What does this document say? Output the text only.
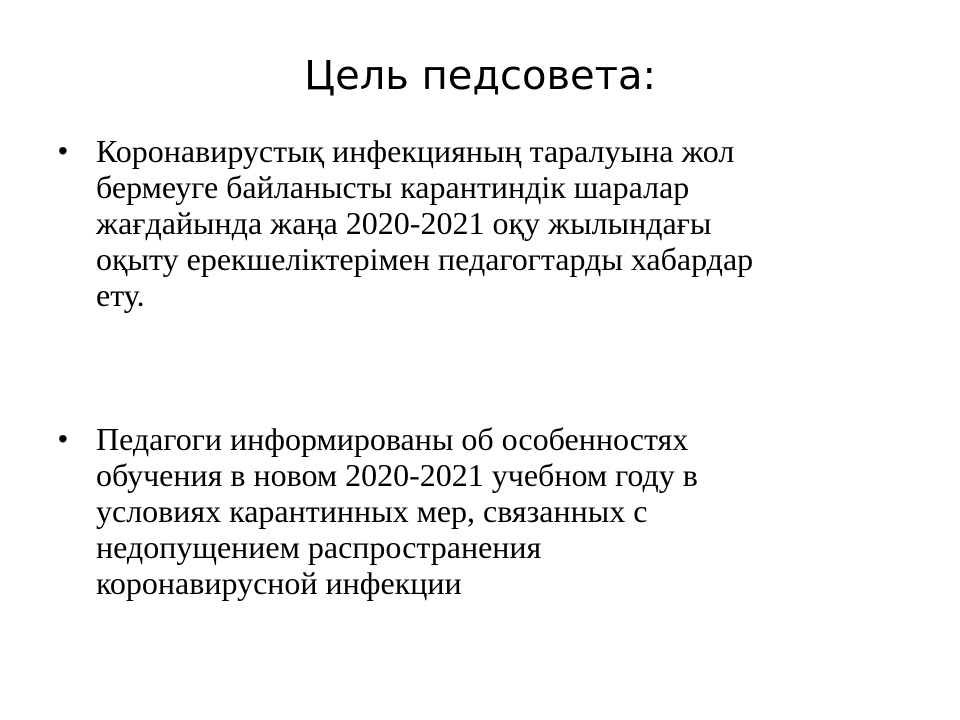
Цель педсовета:
• Коронавирустық инфекцияның таралуына жол
бермеуге байланысты карантиндік шаралар
жағдайында жаңа 2020-2021 оқу жылындағы
оқыту ерекшеліктерімен педагогтарды хабардар
ету.
• Педагоги информированы об особенностях
обучения в новом 2020-2021 учебном году в
условиях карантинных мер, связанных с
недопущением распространения
коронавирусной инфекции
